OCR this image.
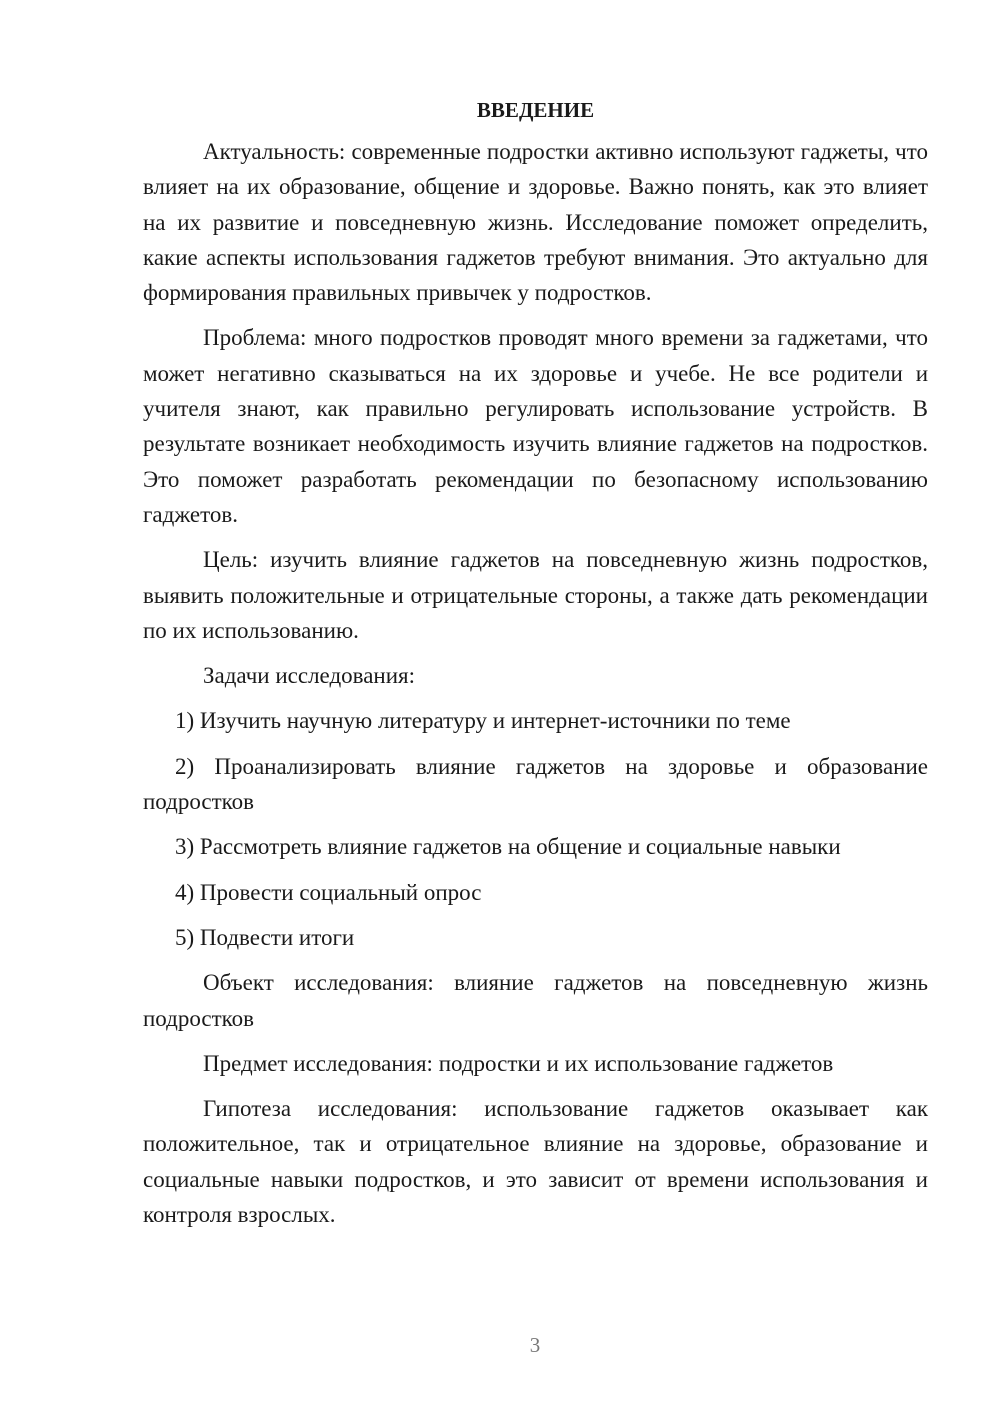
ВВЕДЕНИЕ

Актуальность: современные подростки активно используют гаджеты, что влияет на их образование, общение и здоровье. Важно понять, как это влияет на их развитие и повседневную жизнь. Исследование поможет определить, какие аспекты использования гаджетов требуют внимания. Это актуально для формирования правильных привычек у подростков.

Проблема: много подростков проводят много времени за гаджетами, что может негативно сказываться на их здоровье и учебе. Не все родители и учителя знают, как правильно регулировать использование устройств. В результате возникает необходимость изучить влияние гаджетов на подростков. Это поможет разработать рекомендации по безопасному использованию гаджетов.

Цель: изучить влияние гаджетов на повседневную жизнь подростков, выявить положительные и отрицательные стороны, а также дать рекомендации по их использованию.

Задачи исследования:

1) Изучить научную литературу и интернет-источники по теме

2) Проанализировать влияние гаджетов на здоровье и образование подростков

3) Рассмотреть влияние гаджетов на общение и социальные навыки

4) Провести социальный опрос

5) Подвести итоги

Объект исследования: влияние гаджетов на повседневную жизнь подростков

Предмет исследования: подростки и их использование гаджетов

Гипотеза исследования: использование гаджетов оказывает как положительное, так и отрицательное влияние на здоровье, образование и социальные навыки подростков, и это зависит от времени использования и контроля взрослых.

3
